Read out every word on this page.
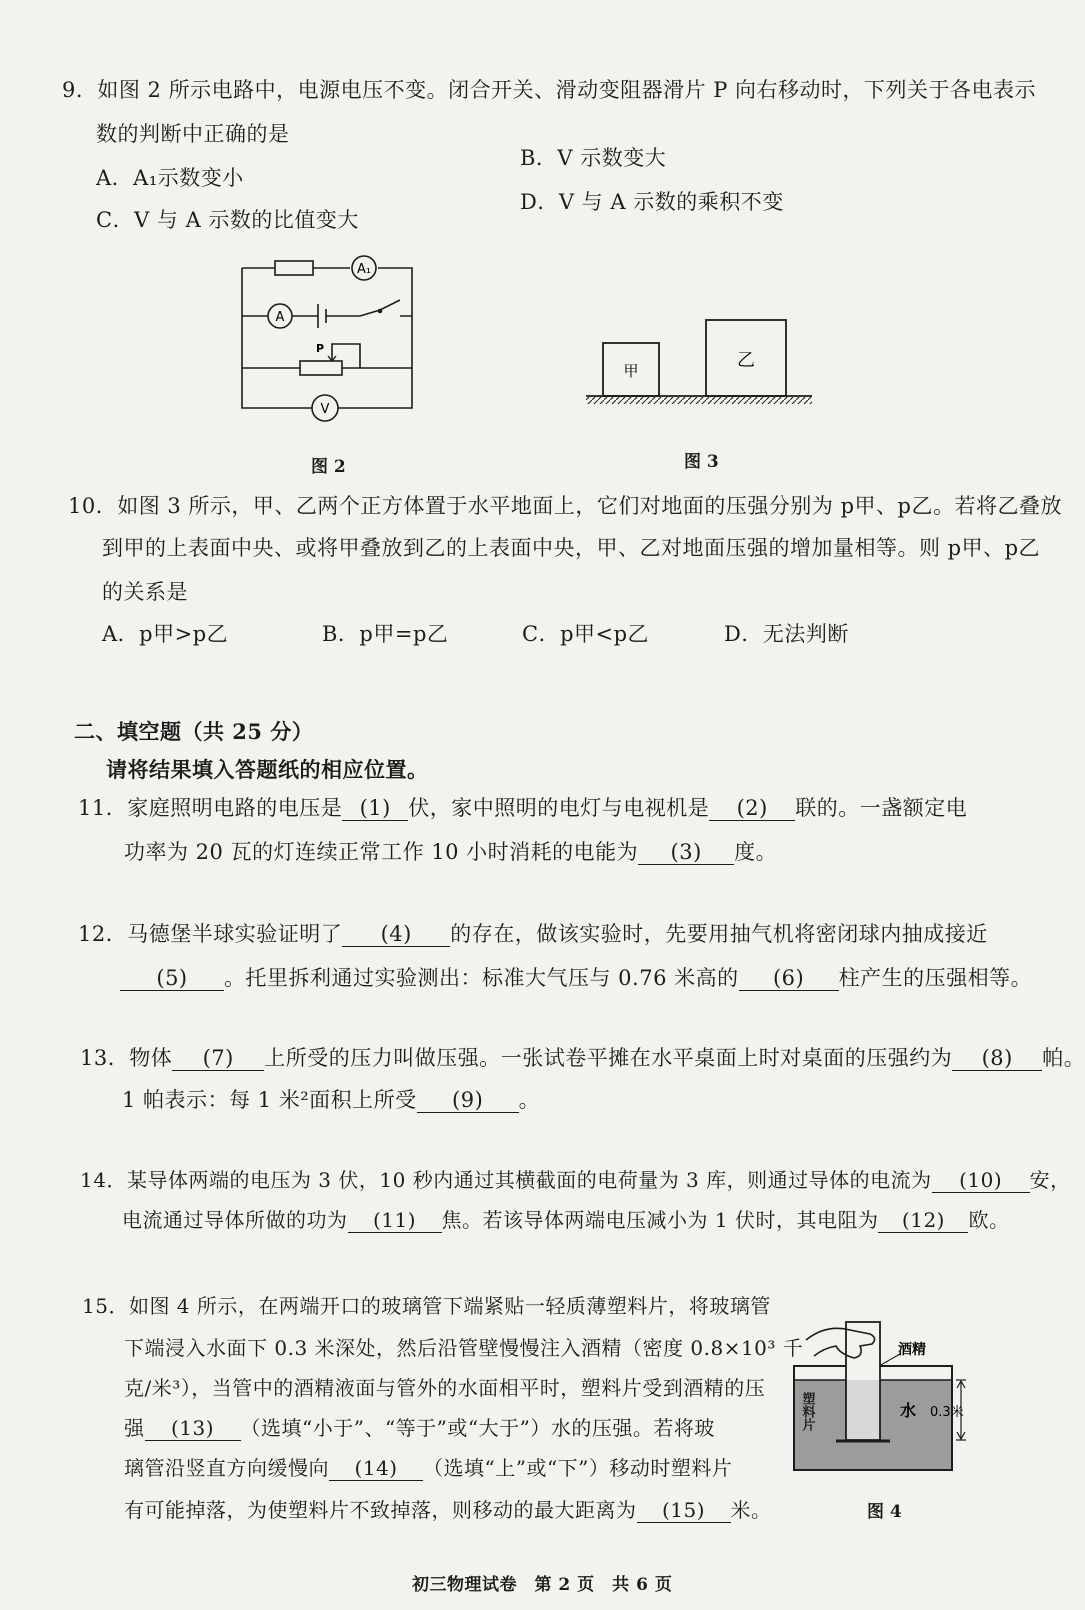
9．如图 2 所示电路中，电源电压不变。闭合开关、滑动变阻器滑片 P 向右移动时，下列关于各电表示
数的判断中正确的是
A．A₁示数变小
B．V 示数变大
C．V 与 A 示数的比值变大
D．V 与 A 示数的乘积不变
A₁
A
V
P
图 2
甲	乙
图 3
10．如图 3 所示，甲、乙两个正方体置于水平地面上，它们对地面的压强分别为 p甲、p乙。若将乙叠放
到甲的上表面中央、或将甲叠放到乙的上表面中央，甲、乙对地面压强的增加量相等。则 p甲、p乙
的关系是
A．p甲>p乙	B．p甲=p乙	C．p甲<p乙	D．无法判断
二、填空题（共 25 分）
请将结果填入答题纸的相应位置。
11．家庭照明电路的电压是 (1) 伏，家中照明的电灯与电视机是 (2) 联的。一盏额定电
功率为 20 瓦的灯连续正常工作 10 小时消耗的电能为 (3) 度。
12．马德堡半球实验证明了 (4) 的存在，做该实验时，先要用抽气机将密闭球内抽成接近
(5) 。托里拆利通过实验测出：标准大气压与 0.76 米高的 (6) 柱产生的压强相等。
13．物体 (7) 上所受的压力叫做压强。一张试卷平摊在水平桌面上时对桌面的压强约为 (8) 帕。
1 帕表示：每 1 米²面积上所受 (9) 。
14．某导体两端的电压为 3 伏，10 秒内通过其横截面的电荷量为 3 库，则通过导体的电流为 (10) 安，
电流通过导体所做的功为 (11) 焦。若该导体两端电压减小为 1 伏时，其电阻为 (12) 欧。
15．如图 4 所示，在两端开口的玻璃管下端紧贴一轻质薄塑料片，将玻璃管
下端浸入水面下 0.3 米深处，然后沿管壁慢慢注入酒精（密度 0.8×10³ 千
克/米³），当管中的酒精液面与管外的水面相平时，塑料片受到酒精的压
强 (13) （选填“小于”、“等于”或“大于”）水的压强。若将玻
璃管沿竖直方向缓慢向 (14) （选填“上”或“下”）移动时塑料片
有可能掉落，为使塑料片不致掉落，则移动的最大距离为 (15) 米。
酒精
水 0.3米
塑料片
图 4
初三物理试卷　第 2 页　共 6 页
